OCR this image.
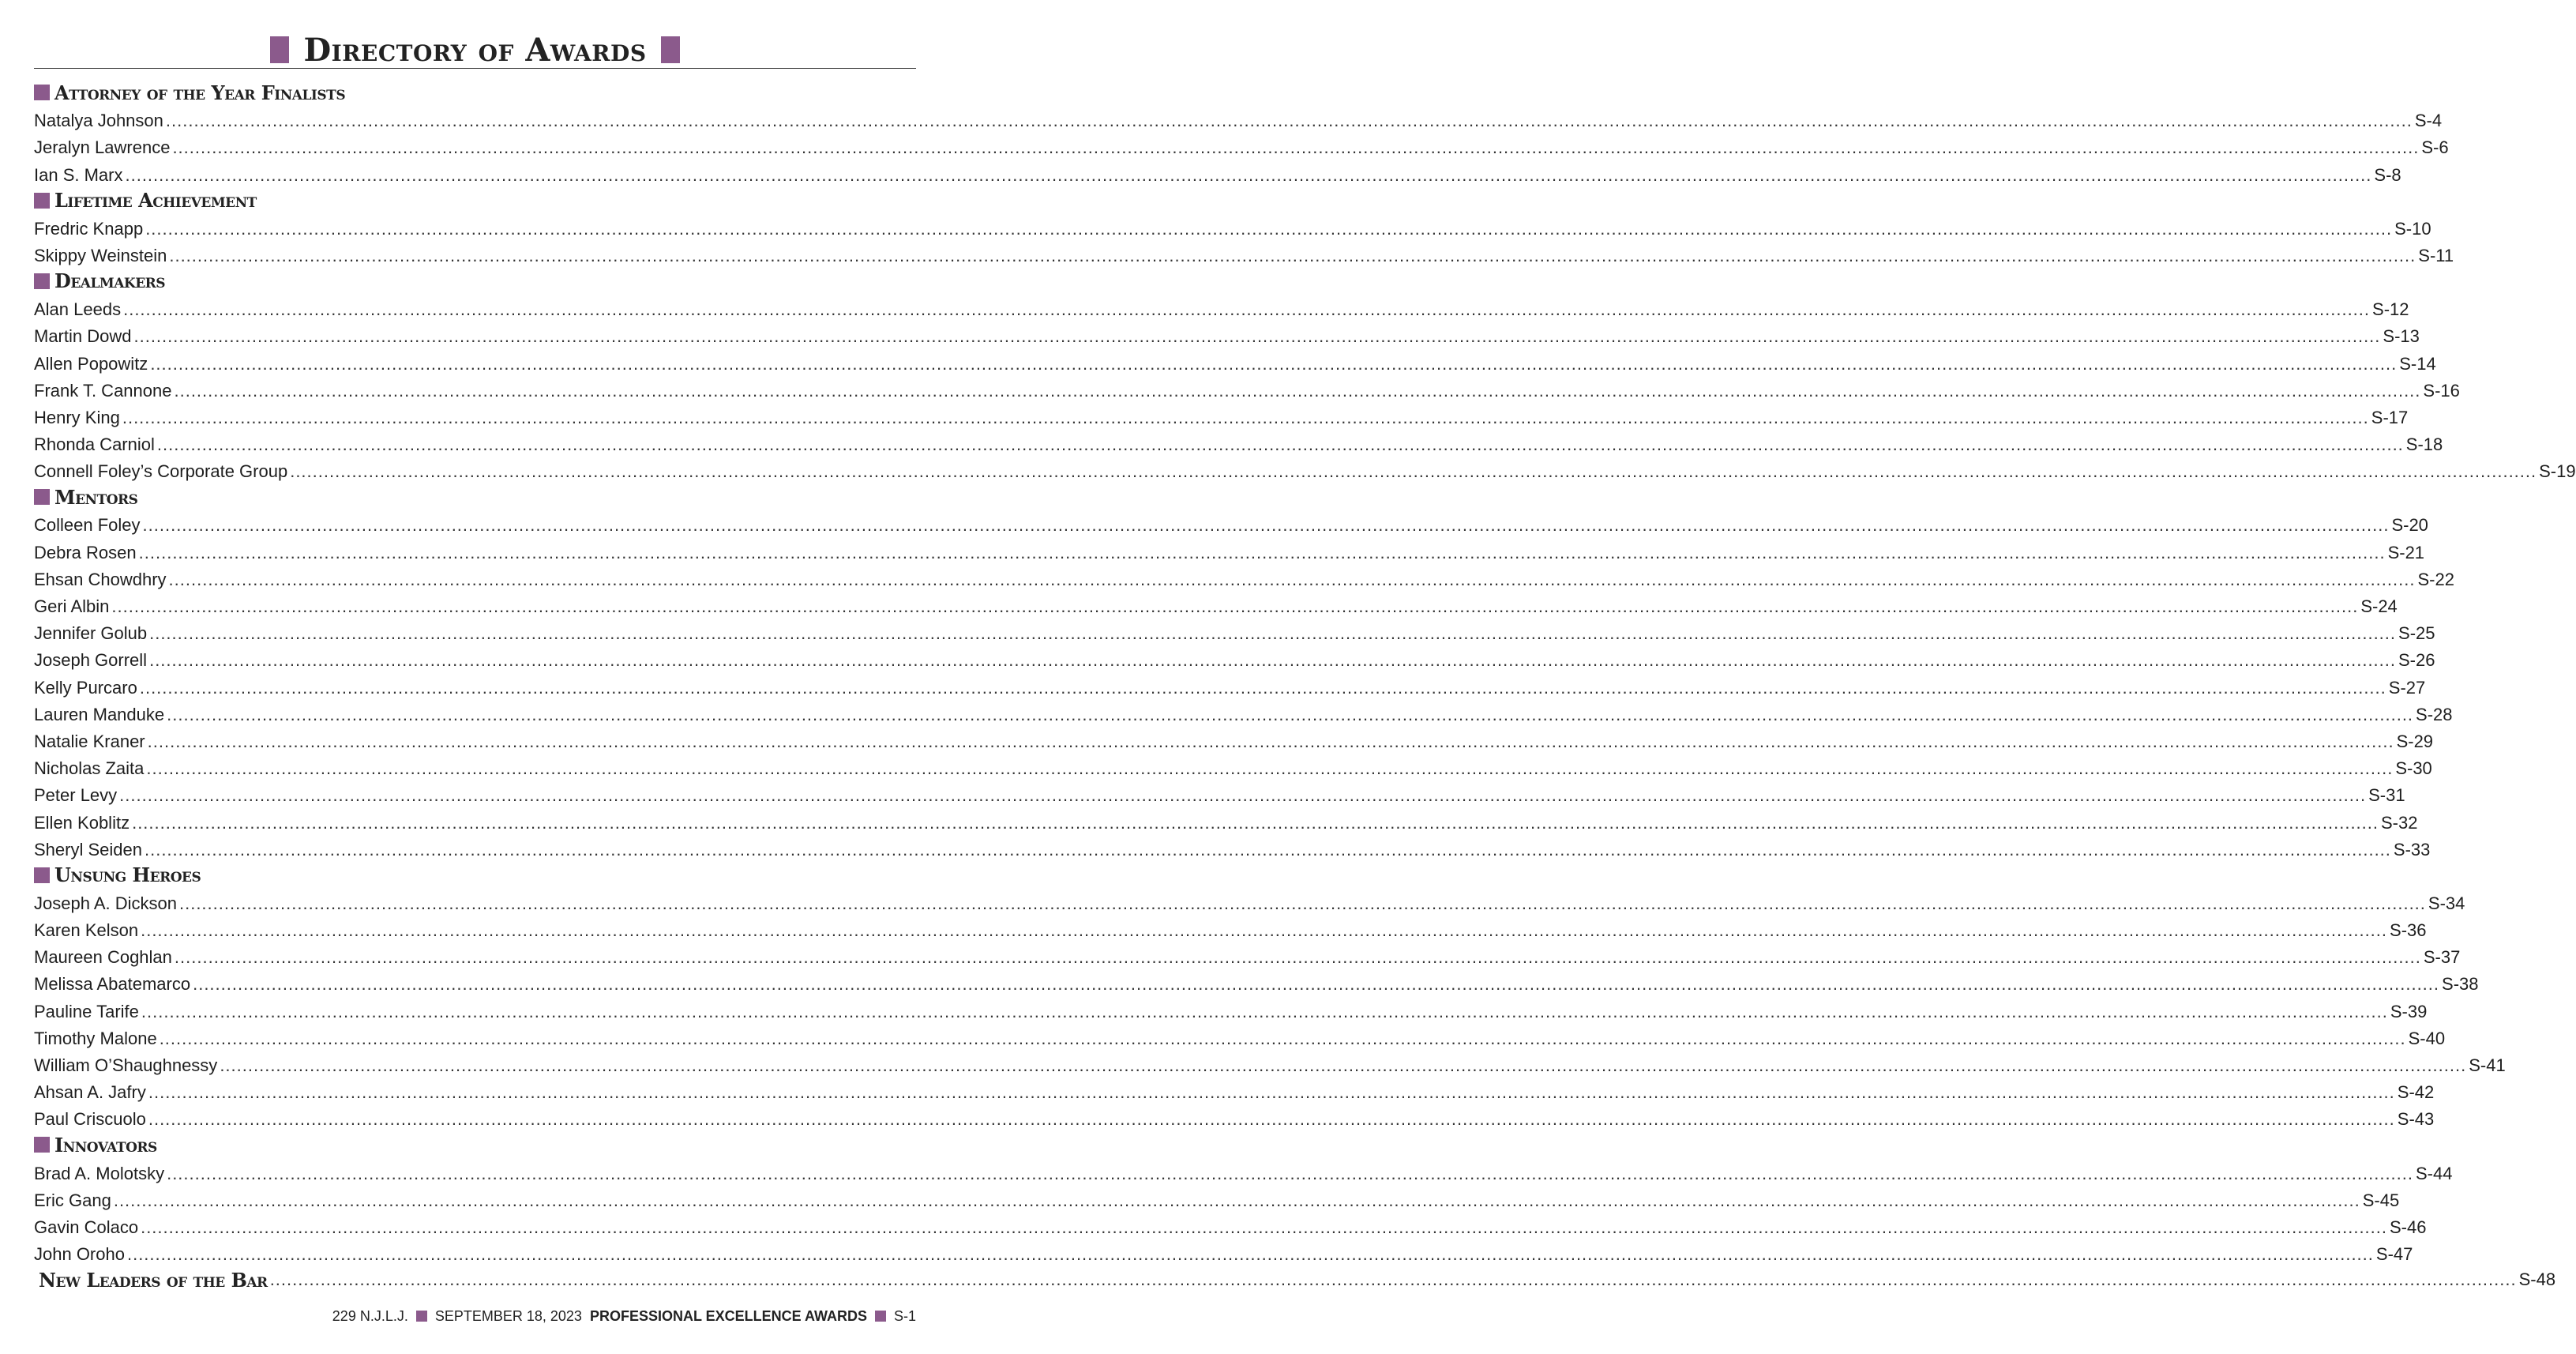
Directory of Awards
Attorney of the Year Finalists
Natalya Johnson ................................................................................................................................................................................................................................................................................................................................................................................................................ S-4
Jeralyn Lawrence ................................................................................................................................................................................................................................................................................................................................................................................................................ S-6
Ian S. Marx ................................................................................................................................................................................................................................................................................................................................................................................................................ S-8
Lifetime Achievement
Fredric Knapp ................................................................................................................................................................................................................................................................................................................................................................................................................ S-10
Skippy Weinstein ................................................................................................................................................................................................................................................................................................................................................................................................................ S-11
Dealmakers
Alan Leeds ................................................................................................................................................................................................................................................................................................................................................................................................................ S-12
Martin Dowd ................................................................................................................................................................................................................................................................................................................................................................................................................ S-13
Allen Popowitz ................................................................................................................................................................................................................................................................................................................................................................................................................ S-14
Frank T. Cannone ................................................................................................................................................................................................................................................................................................................................................................................................................ S-16
Henry King ................................................................................................................................................................................................................................................................................................................................................................................................................ S-17
Rhonda Carniol ................................................................................................................................................................................................................................................................................................................................................................................................................ S-18
Connell Foley’s Corporate Group ................................................................................................................................................................................................................................................................................................................................................................................................................ S-19
Mentors
Colleen Foley ................................................................................................................................................................................................................................................................................................................................................................................................................ S-20
Debra Rosen ................................................................................................................................................................................................................................................................................................................................................................................................................ S-21
Ehsan Chowdhry ................................................................................................................................................................................................................................................................................................................................................................................................................ S-22
Geri Albin ................................................................................................................................................................................................................................................................................................................................................................................................................ S-24
Jennifer Golub ................................................................................................................................................................................................................................................................................................................................................................................................................ S-25
Joseph Gorrell ................................................................................................................................................................................................................................................................................................................................................................................................................ S-26
Kelly Purcaro ................................................................................................................................................................................................................................................................................................................................................................................................................ S-27
Lauren Manduke ................................................................................................................................................................................................................................................................................................................................................................................................................ S-28
Natalie Kraner ................................................................................................................................................................................................................................................................................................................................................................................................................ S-29
Nicholas Zaita ................................................................................................................................................................................................................................................................................................................................................................................................................ S-30
Peter Levy ................................................................................................................................................................................................................................................................................................................................................................................................................ S-31
Ellen Koblitz ................................................................................................................................................................................................................................................................................................................................................................................................................ S-32
Sheryl Seiden ................................................................................................................................................................................................................................................................................................................................................................................................................ S-33
Unsung Heroes
Joseph A. Dickson ................................................................................................................................................................................................................................................................................................................................................................................................................ S-34
Karen Kelson ................................................................................................................................................................................................................................................................................................................................................................................................................ S-36
Maureen Coghlan ................................................................................................................................................................................................................................................................................................................................................................................................................ S-37
Melissa Abatemarco ................................................................................................................................................................................................................................................................................................................................................................................................................ S-38
Pauline Tarife ................................................................................................................................................................................................................................................................................................................................................................................................................ S-39
Timothy Malone ................................................................................................................................................................................................................................................................................................................................................................................................................ S-40
William O’Shaughnessy ................................................................................................................................................................................................................................................................................................................................................................................................................ S-41
Ahsan A. Jafry ................................................................................................................................................................................................................................................................................................................................................................................................................ S-42
Paul Criscuolo ................................................................................................................................................................................................................................................................................................................................................................................................................ S-43
Innovators
Brad A. Molotsky ................................................................................................................................................................................................................................................................................................................................................................................................................ S-44
Eric Gang ................................................................................................................................................................................................................................................................................................................................................................................................................ S-45
Gavin Colaco ................................................................................................................................................................................................................................................................................................................................................................................................................ S-46
John Oroho ................................................................................................................................................................................................................................................................................................................................................................................................................ S-47
New Leaders of the Bar ................................................................................................................................................................................................................................................................................................................................................................................................................ S-48
229 N.J.L.J. SEPTEMBER 18, 2023 PROFESSIONAL EXCELLENCE AWARDS S-1
